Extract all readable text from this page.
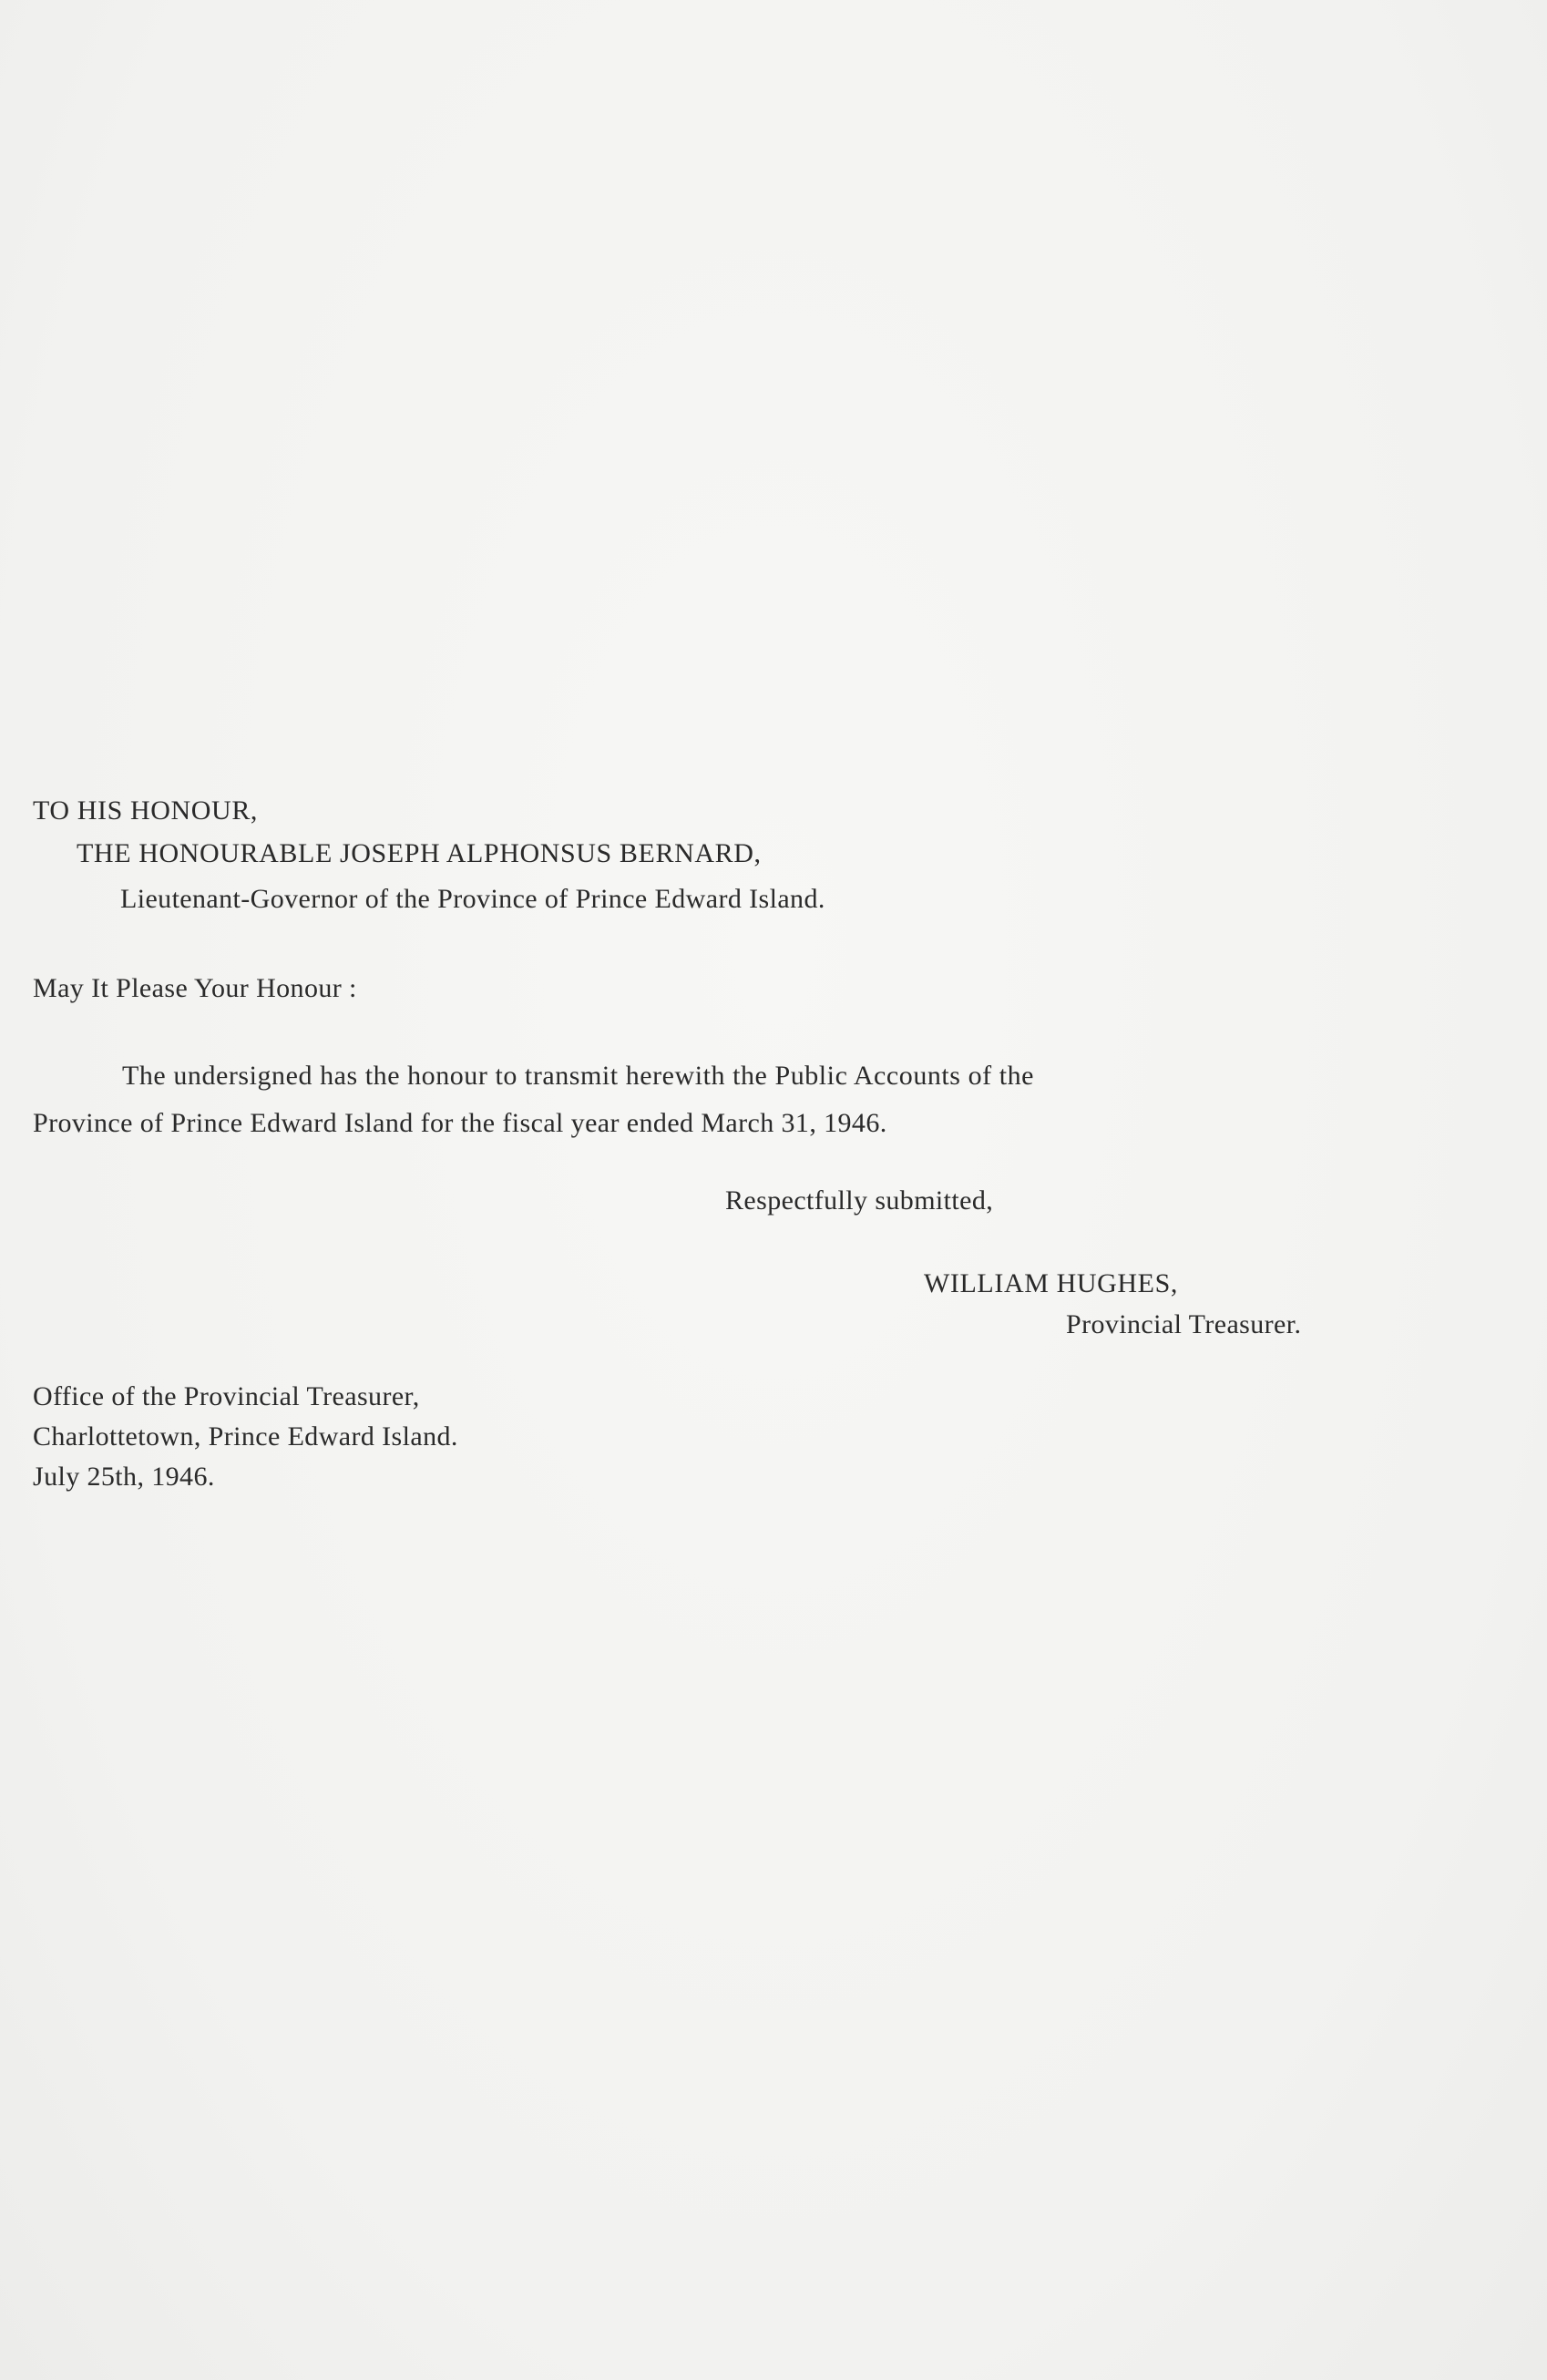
TO HIS HONOUR,
THE HONOURABLE JOSEPH ALPHONSUS BERNARD,
Lieutenant-Governor of the Province of Prince Edward Island.
May It Please Your Honour :
The undersigned has the honour to transmit herewith the Public Accounts of the
Province of Prince Edward Island for the fiscal year ended March 31, 1946.
Respectfully submitted,
WILLIAM HUGHES,
Provincial Treasurer.
Office of the Provincial Treasurer,
Charlottetown, Prince Edward Island.
July 25th, 1946.
